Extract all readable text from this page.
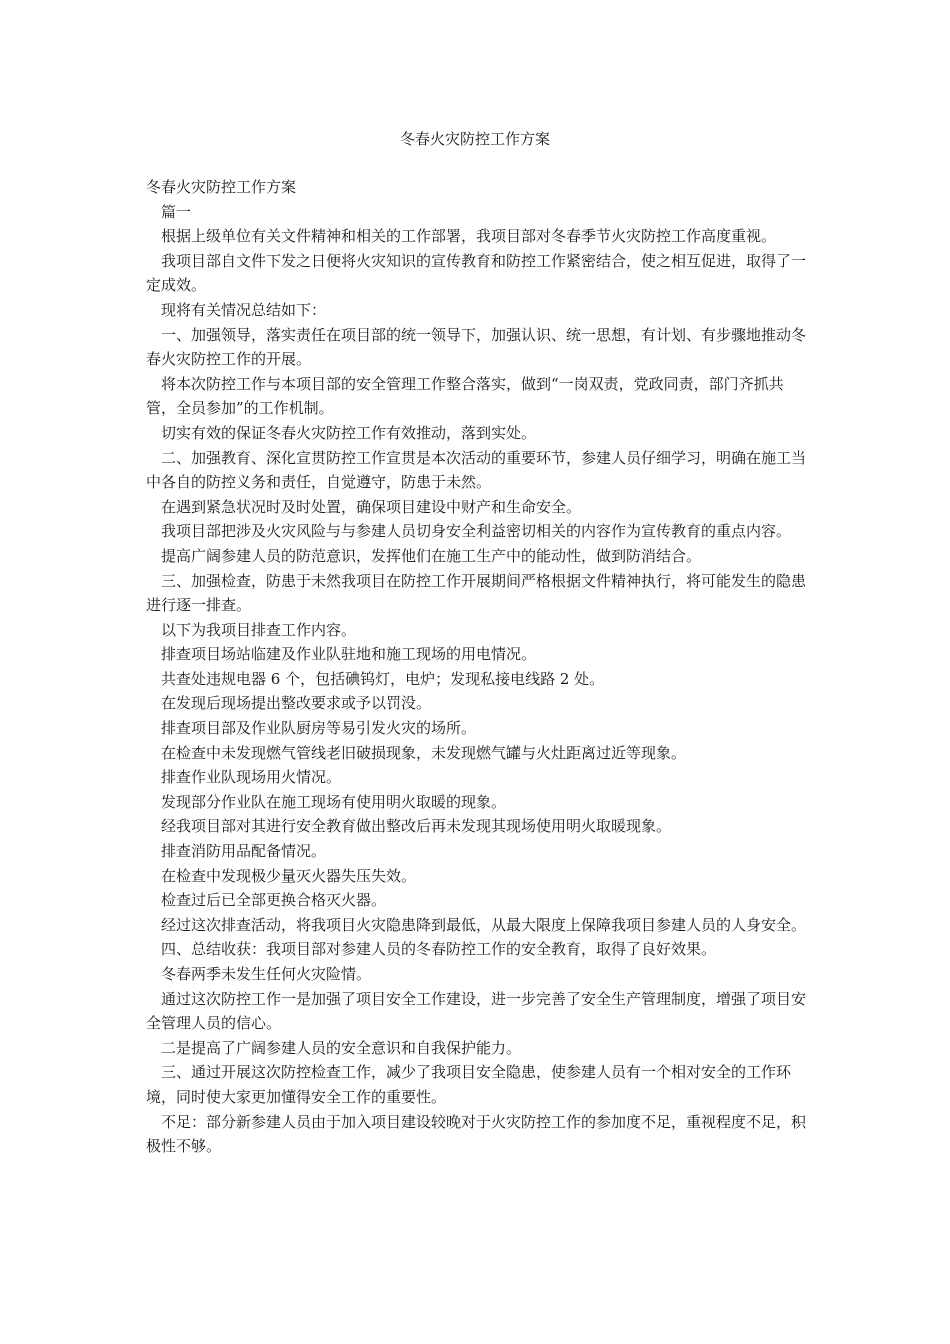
冬春火灾防控工作方案

冬春火灾防控工作方案

篇一

根据上级单位有关文件精神和相关的工作部署，我项目部对冬春季节火灾防控工作高度重视。

我项目部自文件下发之日便将火灾知识的宣传教育和防控工作紧密结合，使之相互促进，取得了一定成效。

现将有关情况总结如下：

一、加强领导，落实责任在项目部的统一领导下，加强认识、统一思想，有计划、有步骤地推动冬春火灾防控工作的开展。

将本次防控工作与本项目部的安全管理工作整合落实，做到“一岗双责，党政同责，部门齐抓共管，全员参加”的工作机制。

切实有效的保证冬春火灾防控工作有效推动，落到实处。

二、加强教育、深化宣贯防控工作宣贯是本次活动的重要环节，参建人员仔细学习，明确在施工当中各自的防控义务和责任，自觉遵守，防患于未然。

在遇到紧急状况时及时处置，确保项目建设中财产和生命安全。

我项目部把涉及火灾风险与与参建人员切身安全利益密切相关的内容作为宣传教育的重点内容。

提高广阔参建人员的防范意识，发挥他们在施工生产中的能动性，做到防消结合。

三、加强检查，防患于未然我项目在防控工作开展期间严格根据文件精神执行，将可能发生的隐患进行逐一排查。

以下为我项目排查工作内容。

排查项目场站临建及作业队驻地和施工现场的用电情况。

共查处违规电器 6 个，包括碘钨灯，电炉；发现私接电线路 2 处。

在发现后现场提出整改要求或予以罚没。

排查项目部及作业队厨房等易引发火灾的场所。

在检查中未发现燃气管线老旧破损现象，未发现燃气罐与火灶距离过近等现象。

排查作业队现场用火情况。

发现部分作业队在施工现场有使用明火取暖的现象。

经我项目部对其进行安全教育做出整改后再未发现其现场使用明火取暖现象。

排查消防用品配备情况。

在检查中发现极少量灭火器失压失效。

检查过后已全部更换合格灭火器。

经过这次排查活动，将我项目火灾隐患降到最低，从最大限度上保障我项目参建人员的人身安全。

四、总结收获：我项目部对参建人员的冬春防控工作的安全教育，取得了良好效果。

冬春两季未发生任何火灾险情。

通过这次防控工作一是加强了项目安全工作建设，进一步完善了安全生产管理制度，增强了项目安全管理人员的信心。

二是提高了广阔参建人员的安全意识和自我保护能力。

三、通过开展这次防控检查工作，减少了我项目安全隐患，使参建人员有一个相对安全的工作环境，同时使大家更加懂得安全工作的重要性。

不足：部分新参建人员由于加入项目建设较晚对于火灾防控工作的参加度不足，重视程度不足，积极性不够。
